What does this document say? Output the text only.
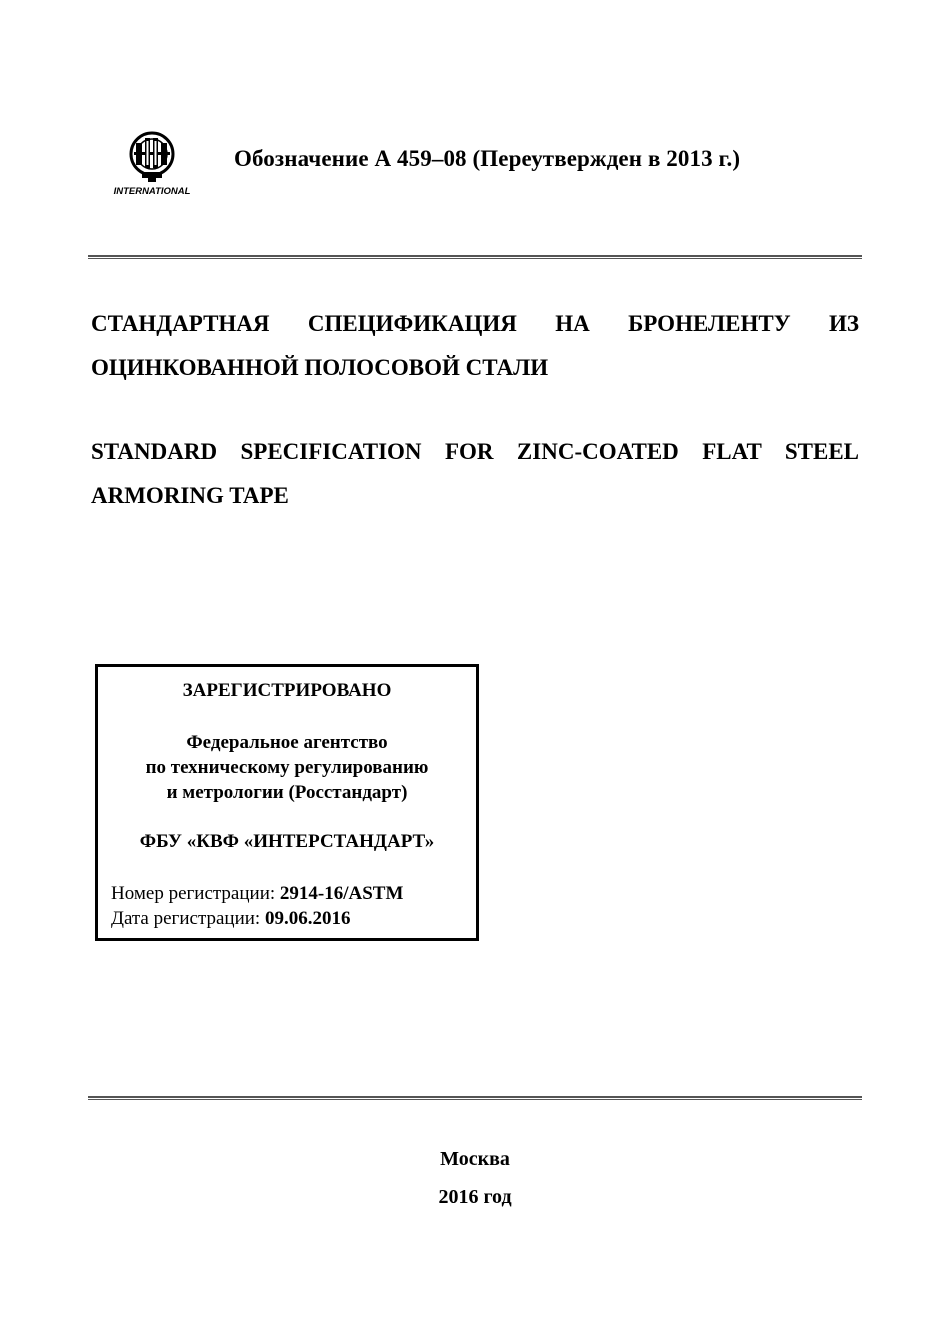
INTERNATIONAL
Обозначение А 459–08 (Переутвержден в 2013 г.)
СТАНДАРТНАЯ СПЕЦИФИКАЦИЯ НА БРОНЕЛЕНТУ ИЗ
ОЦИНКОВАННОЙ ПОЛОСОВОЙ СТАЛИ
STANDARD SPECIFICATION FOR ZINC-COATED FLAT STEEL
ARMORING TAPE
ЗАРЕГИСТРИРОВАНО
Федеральное агентство
по техническому регулированию
и метрологии (Росстандарт)
ФБУ «КВФ «ИНТЕРСТАНДАРТ»
Номер регистрации: 2914-16/ASTM
Дата регистрации: 09.06.2016
Москва
2016 год
